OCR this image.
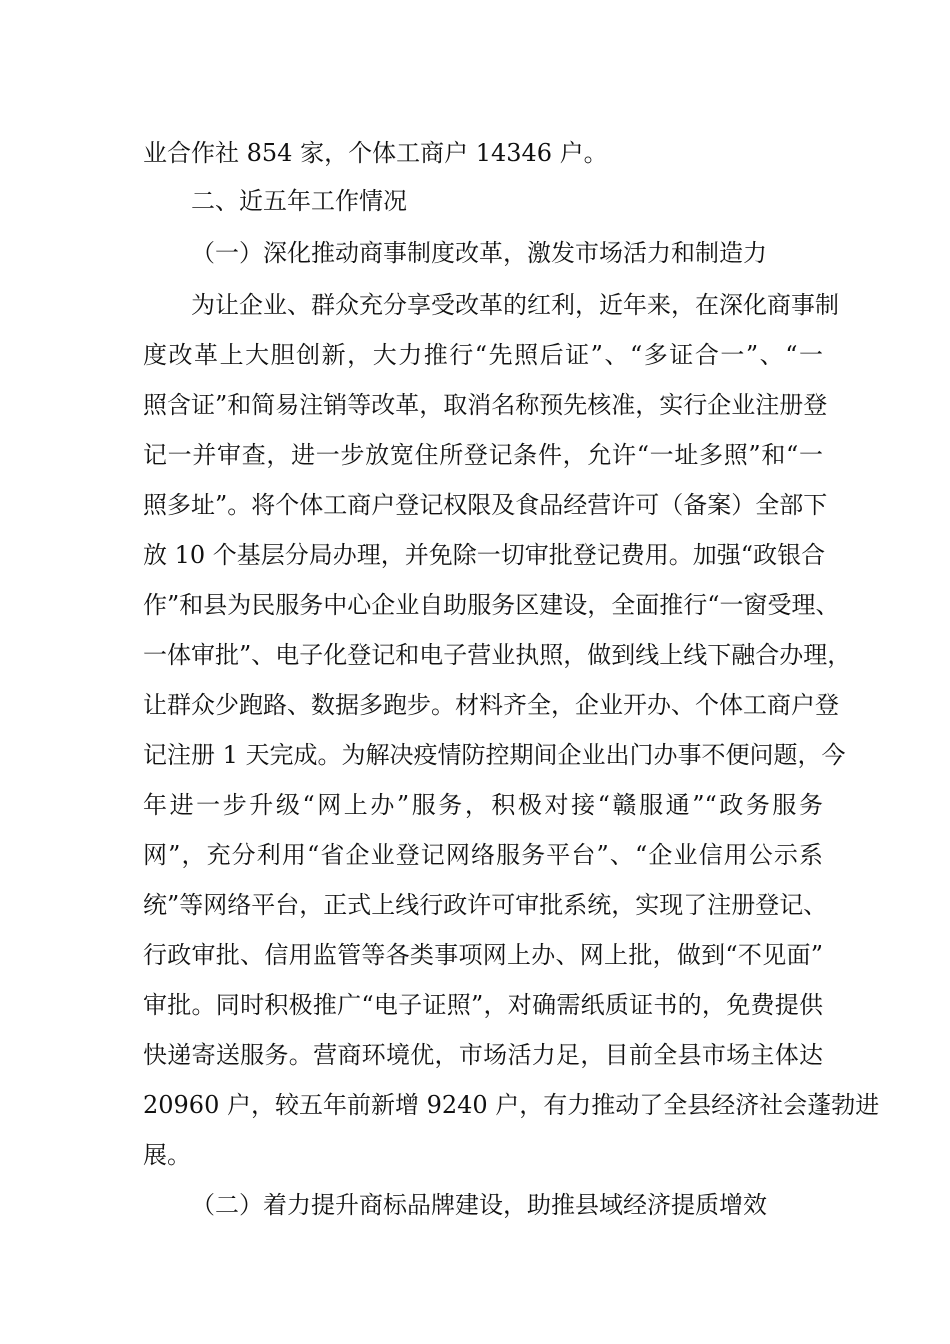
业合作社 854 家，个体工商户 14346 户。

二、近五年工作情况

（一）深化推动商事制度改革，激发市场活力和制造力

为让企业、群众充分享受改革的红利，近年来，在深化商事制

度改革上大胆创新，大力推行“先照后证”、“多证合一”、“一

照含证”和简易注销等改革，取消名称预先核准，实行企业注册登

记一并审查，进一步放宽住所登记条件，允许“一址多照”和“一

照多址”。将个体工商户登记权限及食品经营许可（备案）全部下

放 10 个基层分局办理，并免除一切审批登记费用。加强“政银合

作”和县为民服务中心企业自助服务区建设，全面推行“一窗受理、

一体审批”、电子化登记和电子营业执照，做到线上线下融合办理，

让群众少跑路、数据多跑步。材料齐全，企业开办、个体工商户登

记注册 1 天完成。为解决疫情防控期间企业出门办事不便问题，今

年进一步升级“网上办”服务，积极对接“赣服通”“政务服务

网”，充分利用“省企业登记网络服务平台”、“企业信用公示系

统”等网络平台，正式上线行政许可审批系统，实现了注册登记、

行政审批、信用监管等各类事项网上办、网上批，做到“不见面”

审批。同时积极推广“电子证照”，对确需纸质证书的，免费提供

快递寄送服务。营商环境优，市场活力足，目前全县市场主体达

20960 户，较五年前新增 9240 户，有力推动了全县经济社会蓬勃进

展。

（二）着力提升商标品牌建设，助推县域经济提质增效
